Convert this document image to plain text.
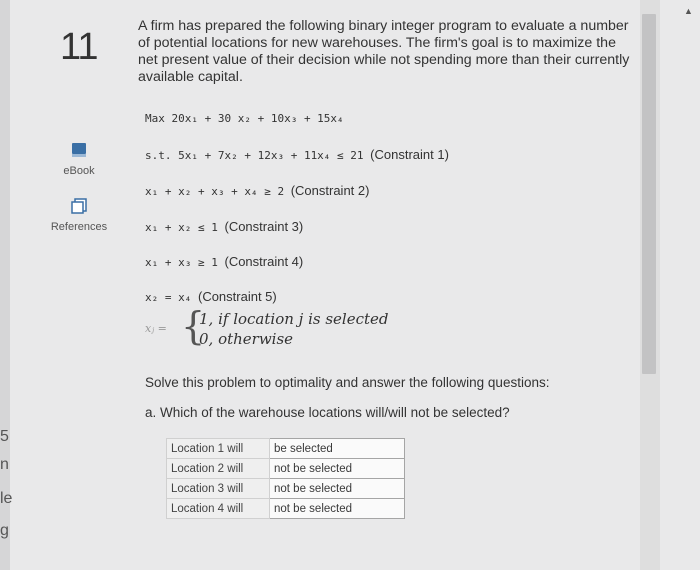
5
n
le
g
11
eBook
References

A firm has prepared the following binary integer program to evaluate a number of potential locations for new warehouses. The firm's goal is to maximize the net present value of their decision while not spending more than their currently available capital.

Max 20x₁ + 30 x₂ + 10x₃ + 15x₄
s.t. 5x₁ + 7x₂ + 12x₃ + 11x₄ ≤ 21 (Constraint 1)
x₁ + x₂ + x₃ + x₄ ≥ 2 (Constraint 2)
x₁ + x₂ ≤ 1 (Constraint 3)
x₁ + x₃ ≥ 1 (Constraint 4)
x₂ = x₄ (Constraint 5)
xⱼ = {
1, if location j is selected
0, otherwise
Solve this problem to optimality and answer the following questions:
a. Which of the warehouse locations will/will not be selected?
Location 1 will	be selected
Location 2 will	not be selected
Location 3 will	not be selected
Location 4 will	not be selected
▲
